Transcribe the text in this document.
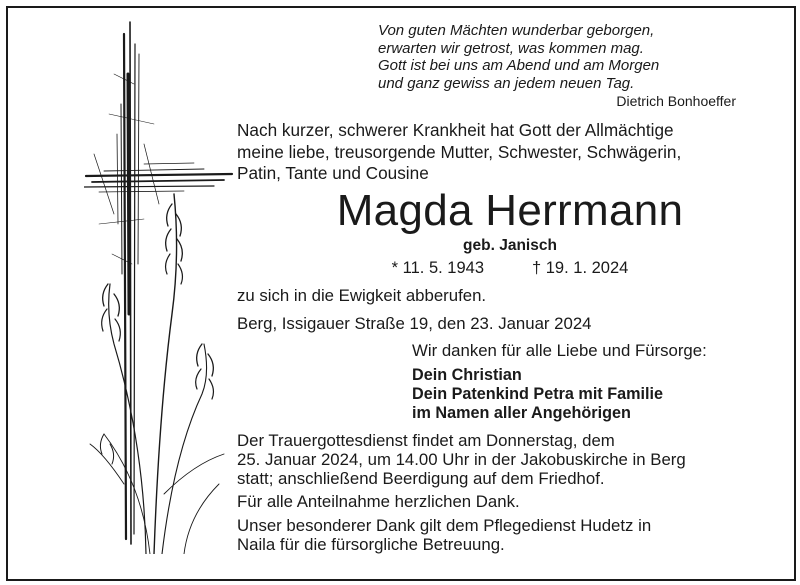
Von guten Mächten wunderbar geborgen,
erwarten wir getrost, was kommen mag.
Gott ist bei uns am Abend und am Morgen
und ganz gewiss an jedem neuen Tag.
Dietrich Bonhoeffer
Nach kurzer, schwerer Krankheit hat Gott der Allmächtige
meine liebe, treusorgende Mutter, Schwester, Schwägerin,
Patin, Tante und Cousine
Magda Herrmann
geb. Janisch
* 11. 5. 1943	† 19. 1. 2024
zu sich in die Ewigkeit abberufen.
Berg, Issigauer Straße 19, den 23. Januar 2024
Wir danken für alle Liebe und Fürsorge:
Dein Christian
Dein Patenkind Petra mit Familie
im Namen aller Angehörigen
Der Trauergottesdienst findet am Donnerstag, dem
25. Januar 2024, um 14.00 Uhr in der Jakobuskirche in Berg
statt; anschließend Beerdigung auf dem Friedhof.
Für alle Anteilnahme herzlichen Dank.
Unser besonderer Dank gilt dem Pflegedienst Hudetz in
Naila für die fürsorgliche Betreuung.
